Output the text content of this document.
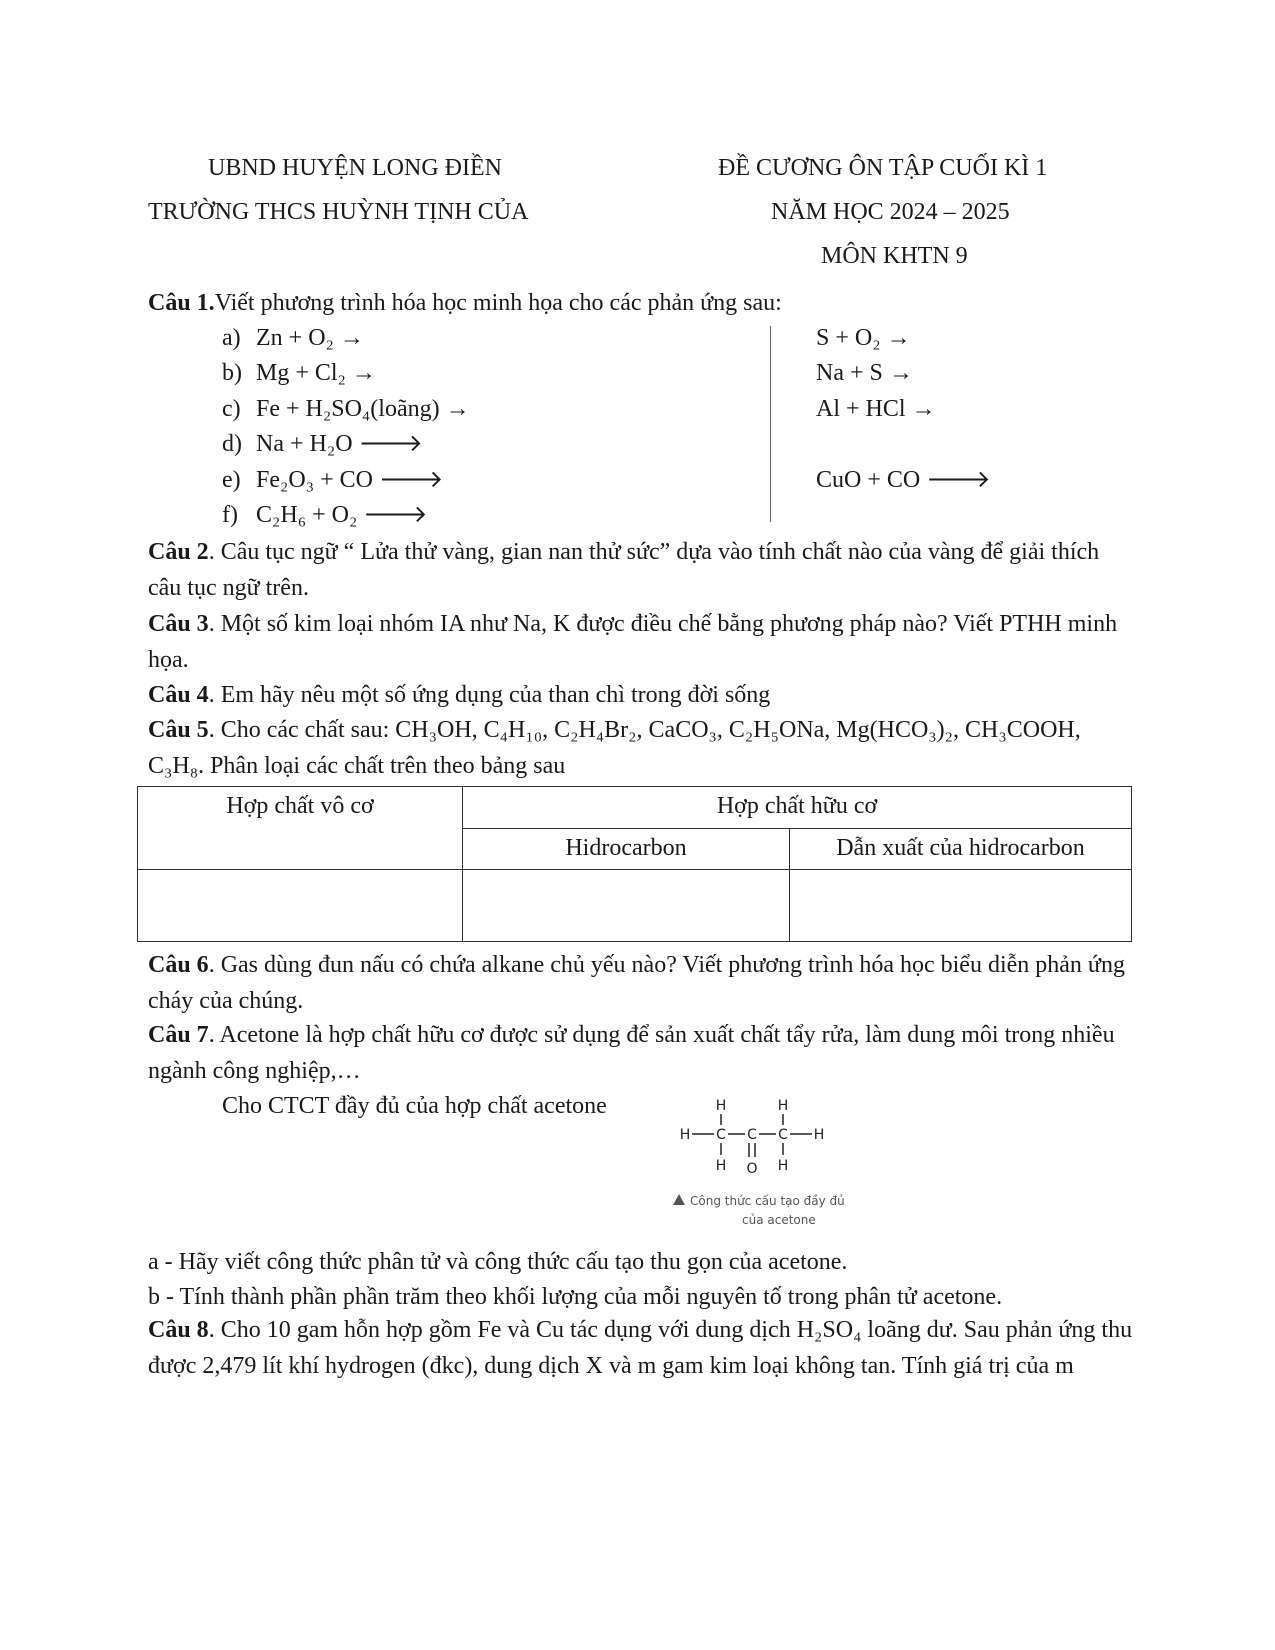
UBND HUYỆN LONG ĐIỀN
TRƯỜNG THCS HUỲNH TỊNH CỦA
ĐỀ CƯƠNG ÔN TẬP CUỐI KÌ 1
NĂM HỌC 2024 – 2025
MÔN KHTN 9
Câu 1.Viết phương trình hóa học minh họa cho các phản ứng sau:
a) Zn + O₂ →
b) Mg + Cl₂ →
c) Fe + H₂SO₄(loãng) →
d) Na + H₂O 🡒
e) Fe₂O₃ + CO 🡒
f) C₂H₆ + O₂ 🡒
S + O₂ →
Na + S →
Al + HCl →
CuO + CO 🡒
Câu 2. Câu tục ngữ “ Lửa thử vàng, gian nan thử sức” dựa vào tính chất nào của vàng để giải thích câu tục ngữ trên.
Câu 3. Một số kim loại nhóm IA như Na, K được điều chế bằng phương pháp nào? Viết PTHH minh họa.
Câu 4. Em hãy nêu một số ứng dụng của than chì trong đời sống
Câu 5. Cho các chất sau: CH₃OH, C₄H₁₀, C₂H₄Br₂, CaCO₃, C₂H₅ONa, Mg(HCO₃)₂, CH₃COOH, C₃H₈. Phân loại các chất trên theo bảng sau
Hợp chất vô cơ	Hợp chất hữu cơ	
	Hidrocarbon	Dẫn xuất của hidrocarbon

Câu 6. Gas dùng đun nấu có chứa alkane chủ yếu nào? Viết phương trình hóa học biểu diễn phản ứng cháy của chúng.
Câu 7. Acetone là hợp chất hữu cơ được sử dụng để sản xuất chất tẩy rửa, làm dung môi trong nhiều ngành công nghiệp,…
Cho CTCT đầy đủ của hợp chất acetone	H	H
H C C C H
H O H
Công thức cấu tạo đầy đủ
của acetone
a - Hãy viết công thức phân tử và công thức cấu tạo thu gọn của acetone.
b - Tính thành phần phần trăm theo khối lượng của mỗi nguyên tố trong phân tử acetone.
Câu 8. Cho 10 gam hỗn hợp gồm Fe và Cu tác dụng với dung dịch H₂SO₄ loãng dư. Sau phản ứng thu được 2,479 lít khí hydrogen (đkc), dung dịch X và m gam kim loại không tan. Tính giá trị của m
